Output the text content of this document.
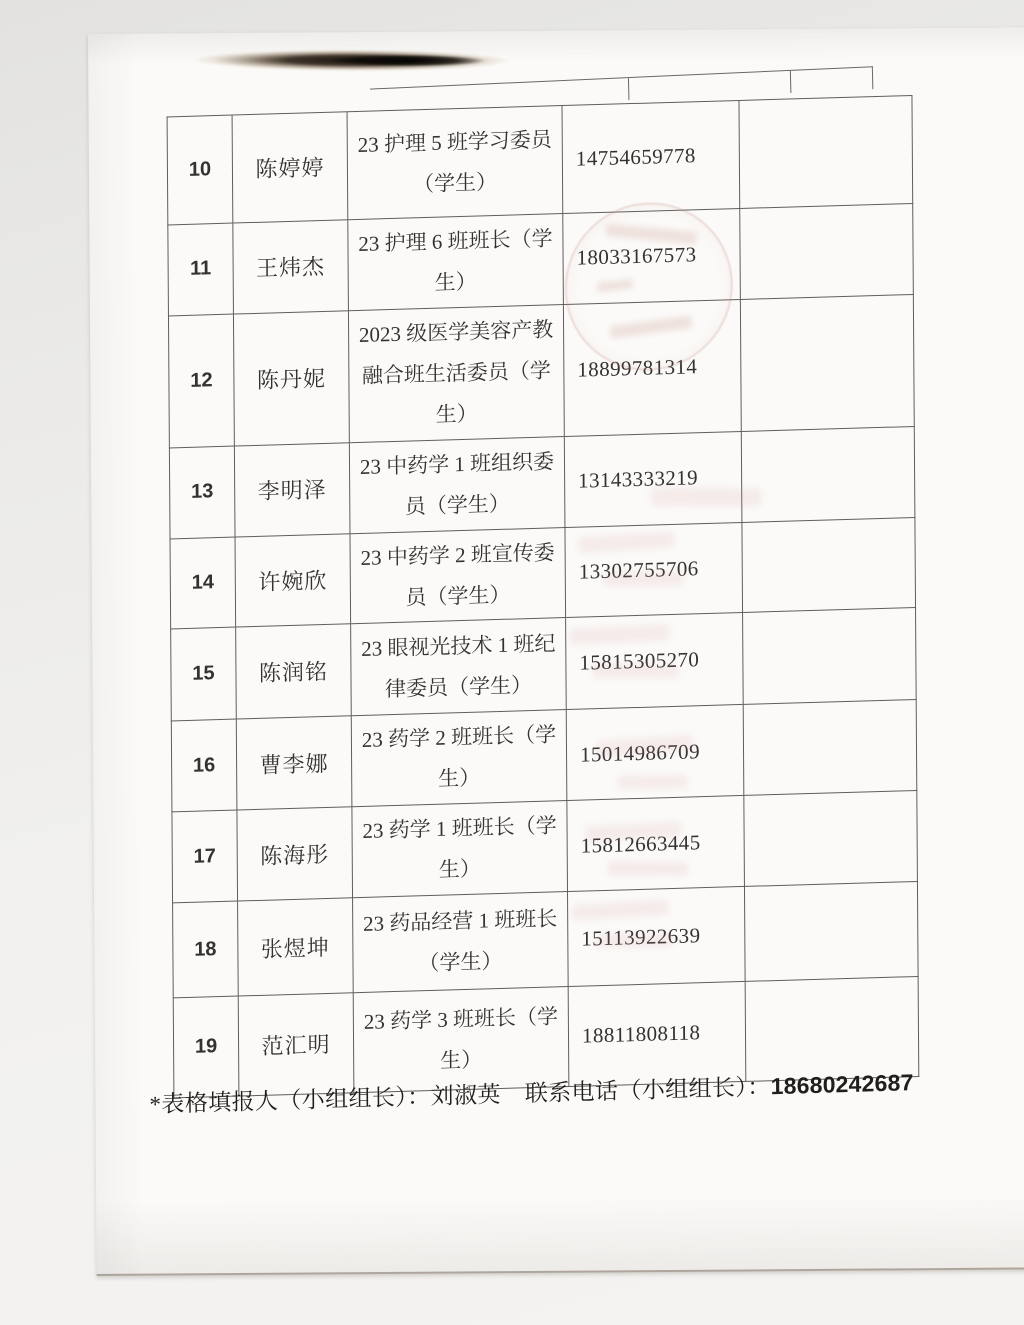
10	陈婷婷	23 护理 5 班学习委员（学生）	14754659778	
11	王炜杰	23 护理 6 班班长（学生）	18033167573	
12	陈丹妮	2023 级医学美容产教融合班生活委员（学生）	18899781314	
13	李明泽	23 中药学 1 班组织委员（学生）	13143333219	
14	许婉欣	23 中药学 2 班宣传委员（学生）	13302755706	
15	陈润铭	23 眼视光技术 1 班纪律委员（学生）	15815305270	
16	曹李娜	23 药学 2 班班长（学生）	15014986709	
17	陈海彤	23 药学 1 班班长（学生）	15812663445	
18	张煜坤	23 药品经营 1 班班长（学生）	15113922639	
19	范汇明	23 药学 3 班班长（学生）	18811808118	
*表格填报人（小组组长）：刘淑英 联系电话（小组组长）：18680242687
